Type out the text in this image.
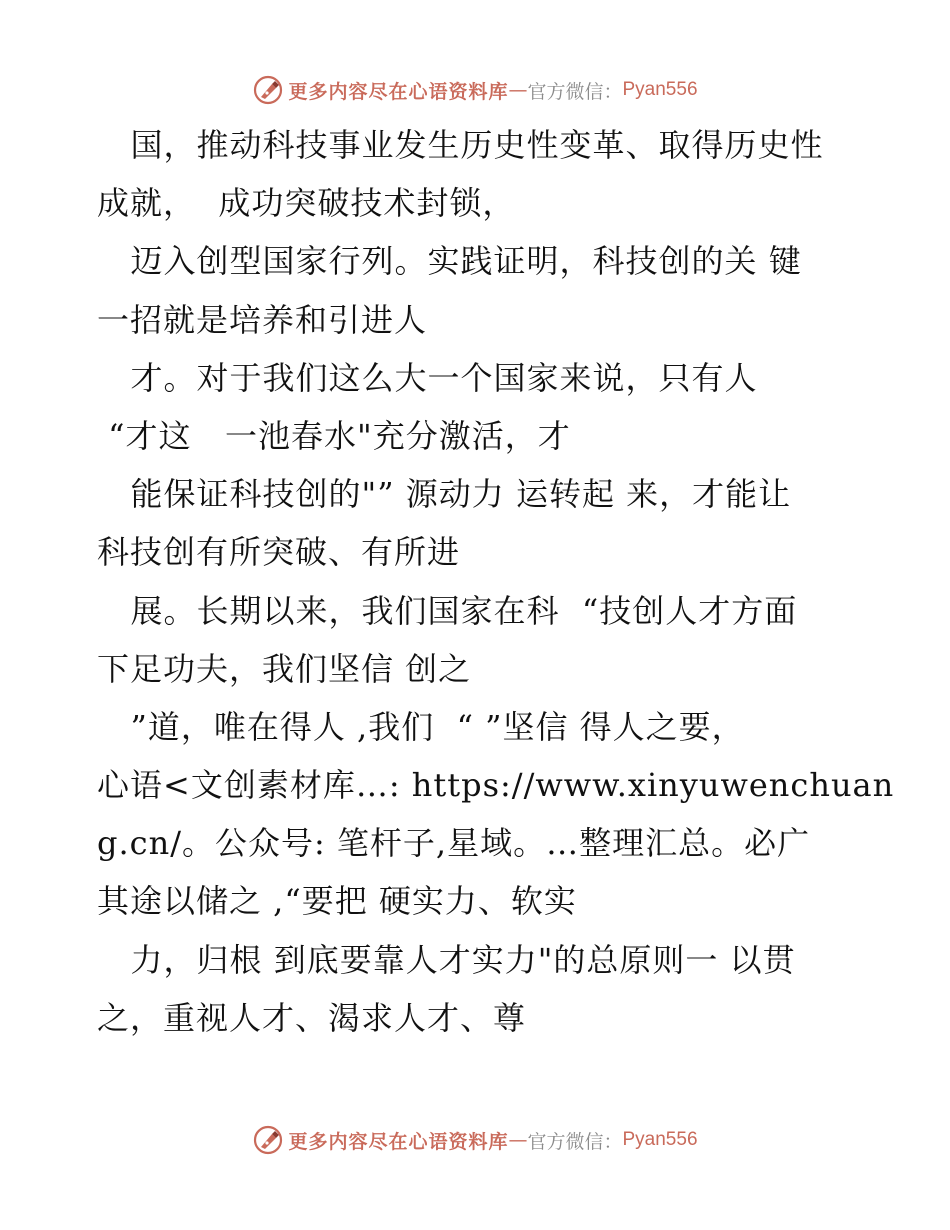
更多内容尽在心语资料库 — 官方微信： Pyan556
国，推动科技事业发生历史性变革、取得历史性
成就，  成功突破技术封锁，
迈入创型国家行列。实践证明，科技创的关 键
一招就是培养和引进人
才。对于我们这么大一个国家来说，只有人
“才这   一池春水"充分激活，才
能保证科技创的"” 源动力 运转起 来，才能让
科技创有所突破、有所进
展。长期以来，我们国家在科  “技创人才方面
下足功夫，我们坚信 创之
”道，唯在得人 ,我们  “ ”坚信 得人之要，
心语<文创素材库…: https://www.xinyuwenchuan
g.cn/。公众号: 笔杆子,星域。…整理汇总。必广
其途以储之 ,“要把 硬实力、软实
力，归根 到底要靠人才实力"的总原则一 以贯
之，重视人才、渴求人才、尊
更多内容尽在心语资料库 — 官方微信： Pyan556
